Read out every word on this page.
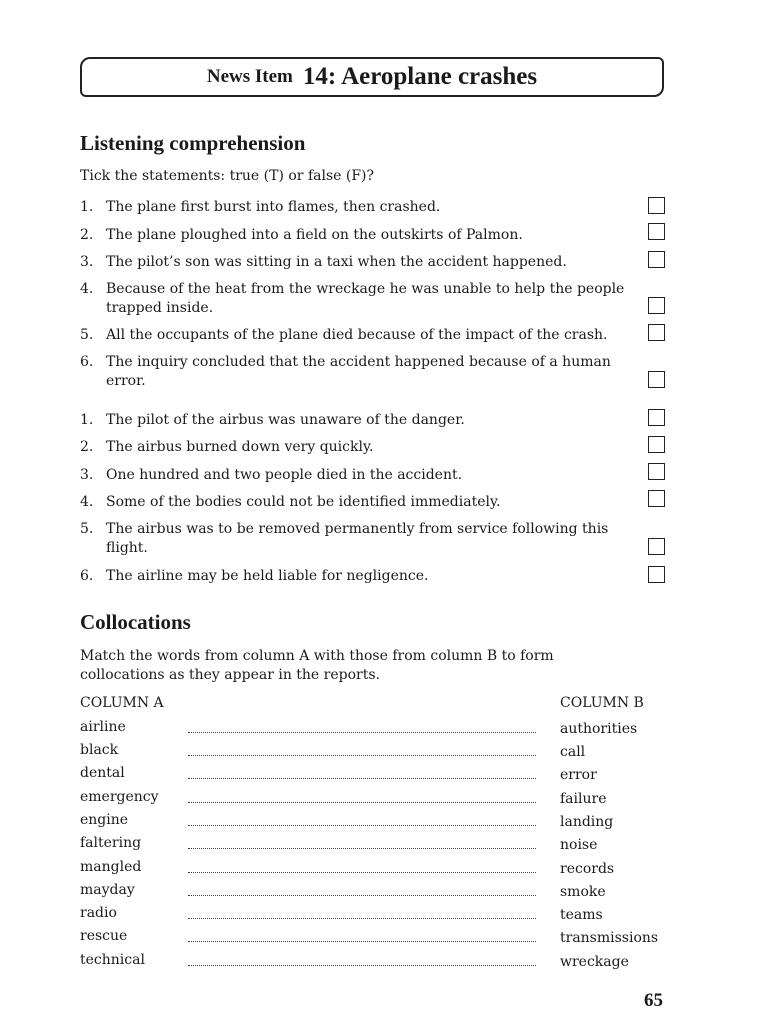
News Item 14: Aeroplane crashes
Listening comprehension
Tick the statements: true (T) or false (F)?
1. The plane first burst into flames, then crashed.
2. The plane ploughed into a field on the outskirts of Palmon.
3. The pilot’s son was sitting in a taxi when the accident happened.
4. Because of the heat from the wreckage he was unable to help the people trapped inside.
5. All the occupants of the plane died because of the impact of the crash.
6. The inquiry concluded that the accident happened because of a human error.
1. The pilot of the airbus was unaware of the danger.
2. The airbus burned down very quickly.
3. One hundred and two people died in the accident.
4. Some of the bodies could not be identified immediately.
5. The airbus was to be removed permanently from service following this flight.
6. The airline may be held liable for negligence.
Collocations
Match the words from column A with those from column B to form collocations as they appear in the reports.
COLUMN A	COLUMN B
airline
black
dental
emergency
engine
faltering
mangled
mayday
radio
rescue
technical
authorities
call
error
failure
landing
noise
records
smoke
teams
transmissions
wreckage
65
